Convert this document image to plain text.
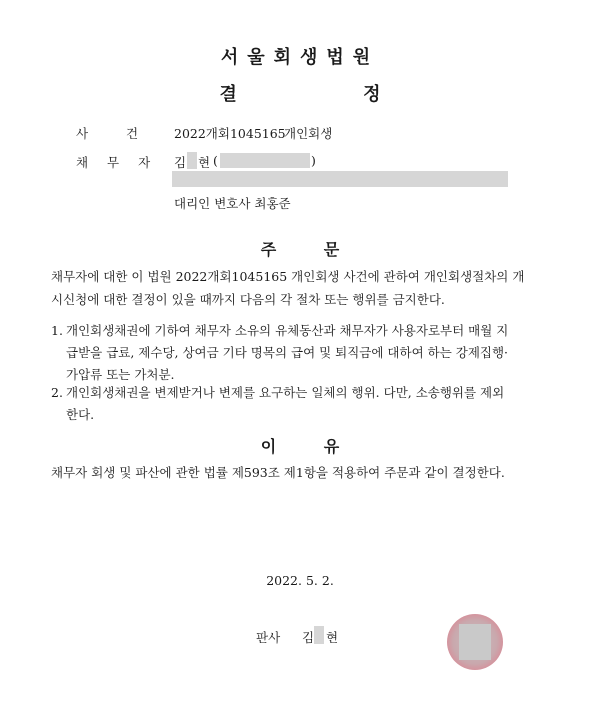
서울회생법원
결 정
사 건	2022개회1045165
개인회생
채 무 자 김 현 (	)
대리인 변호사 최홍준
주 문
채무자에 대한 이 법원 2022개회1045165 개인회생 사건에 관하여 개인회생절차의 개
시신청에 대한 결정이 있을 때까지 다음의 각 절차 또는 행위를 금지한다.
1. 개인회생채권에 기하여 채무자 소유의 유체동산과 채무자가 사용자로부터 매월 지
급받을 급료, 제수당, 상여금 기타 명목의 급여 및 퇴직금에 대하여 하는 강제집행·
가압류 또는 가처분.
2. 개인회생채권을 변제받거나 변제를 요구하는 일체의 행위. 다만, 소송행위를 제외
한다.
이 유
채무자 회생 및 파산에 관한 법률 제593조 제1항을 적용하여 주문과 같이 결정한다.
2022. 5. 2.
판사 김 현
